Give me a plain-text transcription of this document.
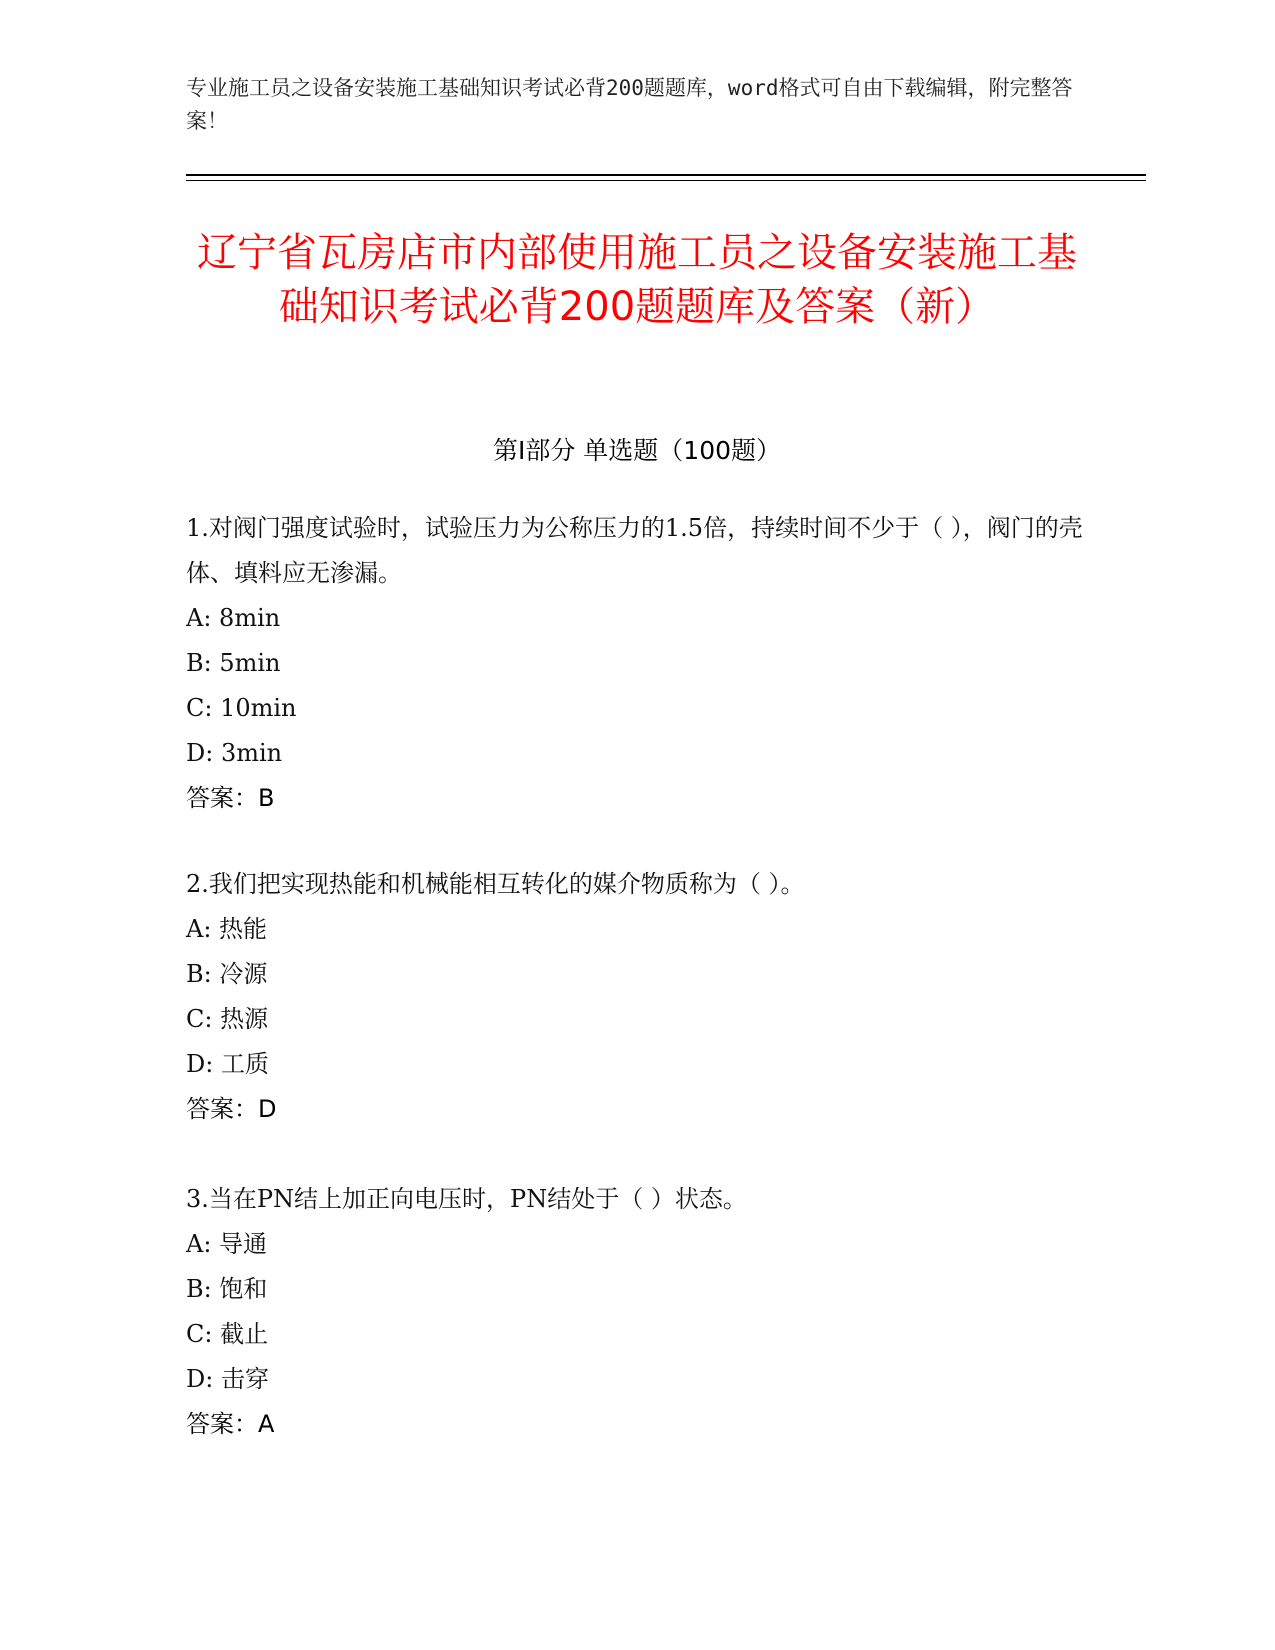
专业施工员之设备安装施工基础知识考试必背200题题库，word格式可自由下载编辑，附完整答案！
辽宁省瓦房店市内部使用施工员之设备安装施工基础知识考试必背200题题库及答案（新）
第Ⅰ部分 单选题（100题）
1.对阀门强度试验时，试验压力为公称压力的1.5倍，持续时间不少于（ ），阀门的壳体、填料应无渗漏。
A: 8min
B: 5min
C: 10min
D: 3min
答案：B
2.我们把实现热能和机械能相互转化的媒介物质称为（ ）。
A: 热能
B: 冷源
C: 热源
D: 工质
答案：D
3.当在PN结上加正向电压时，PN结处于（ ）状态。
A: 导通
B: 饱和
C: 截止
D: 击穿
答案：A
